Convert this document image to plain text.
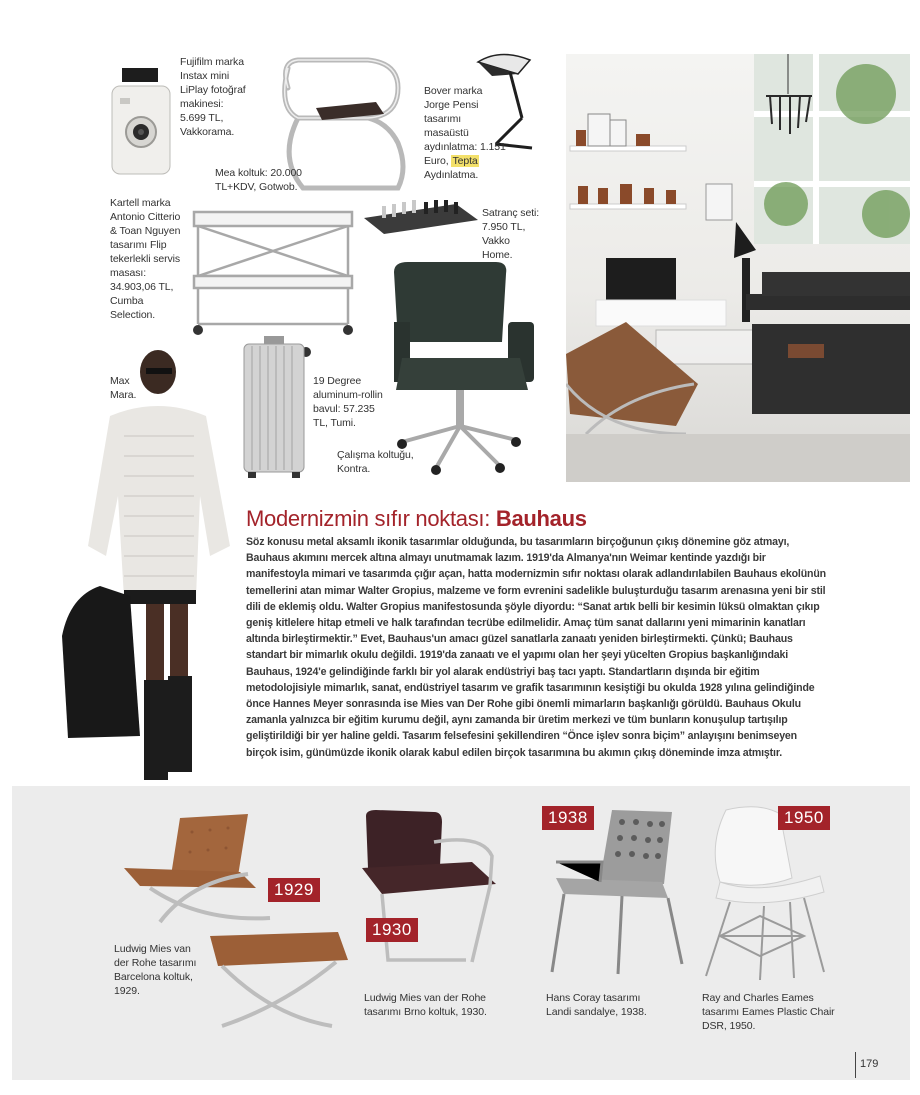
Fujifilm marka Instax mini LiPlay fotoğraf makinesi: 5.699 TL, Vakkorama.
Mea koltuk: 20.000 TL+KDV, Gotwob.
Bover marka Jorge Pensi tasarımı masaüstü aydınlatma: 1.151 Euro, Tepta Aydınlatma.
Kartell marka Antonio Citterio & Toan Nguyen tasarımı Flip tekerlekli servis masası: 34.903,06 TL, Cumba Selection.
Satranç seti: 7.950 TL, Vakko Home.
Çalışma koltuğu, Kontra.
19 Degree aluminum-rollin bavul: 57.235 TL, Tumi.
Max Mara.
Modernizmin sıfır noktası: Bauhaus

Söz konusu metal aksamlı ikonik tasarımlar olduğunda, bu tasarımların birçoğunun çıkış dönemine göz atmayı, Bauhaus akımını mercek altına almayı unutmamak lazım. 1919'da Almanya'nın Weimar kentinde yazdığı bir manifestoyla mimari ve tasarımda çığır açan, hatta modernizmin sıfır noktası olarak adlandırılabilen Bauhaus ekolünün temellerini atan mimar Walter Gropius, malzeme ve form evrenini sadelikle buluşturduğu tasarım arenasına yeni bir stil dili de eklemiş oldu. Walter Gropius manifestosunda şöyle diyordu: “Sanat artık belli bir kesimin lüksü olmaktan çıkıp geniş kitlelere hitap etmeli ve halk tarafından tecrübe edilmelidir. Amaç tüm sanat dallarını yeni mimarinin kanatları altında birleştirmektir.” Evet, Bauhaus'un amacı güzel sanatlarla zanaatı yeniden birleştirmekti. Çünkü; Bauhaus standart bir mimarlık okulu değildi. 1919'da zanaatı ve el yapımı olan her şeyi yücelten Gropius başkanlığındaki Bauhaus, 1924'e gelindiğinde farklı bir yol alarak endüstriyi baş tacı yaptı. Standartların dışında bir eğitim metodolojisiyle mimarlık, sanat, endüstriyel tasarım ve grafik tasarımının kesiştiği bu okulda 1928 yılına gelindiğinde önce Hannes Meyer sonrasında ise Mies van Der Rohe gibi önemli mimarların başkanlığı görüldü. Bauhaus Okulu zamanla yalnızca bir eğitim kurumu değil, aynı zamanda bir üretim merkezi ve tüm bunların konuşulup tartışılıp geliştirildiği bir yer haline geldi. Tasarım felsefesini şekillendiren “Önce işlev sonra biçim” anlayışını benimseyen birçok isim, günümüzde ikonik olarak kabul edilen birçok tasarımına bu akımın çıkış döneminde imza atmıştır.

1929
Ludwig Mies van der Rohe tasarımı Barcelona koltuk, 1929.
1930
Ludwig Mies van der Rohe tasarımı Brno koltuk, 1930.
1938
Hans Coray tasarımı Landi sandalye, 1938.
1950
Ray and Charles Eames tasarımı Eames Plastic Chair DSR, 1950.
179
